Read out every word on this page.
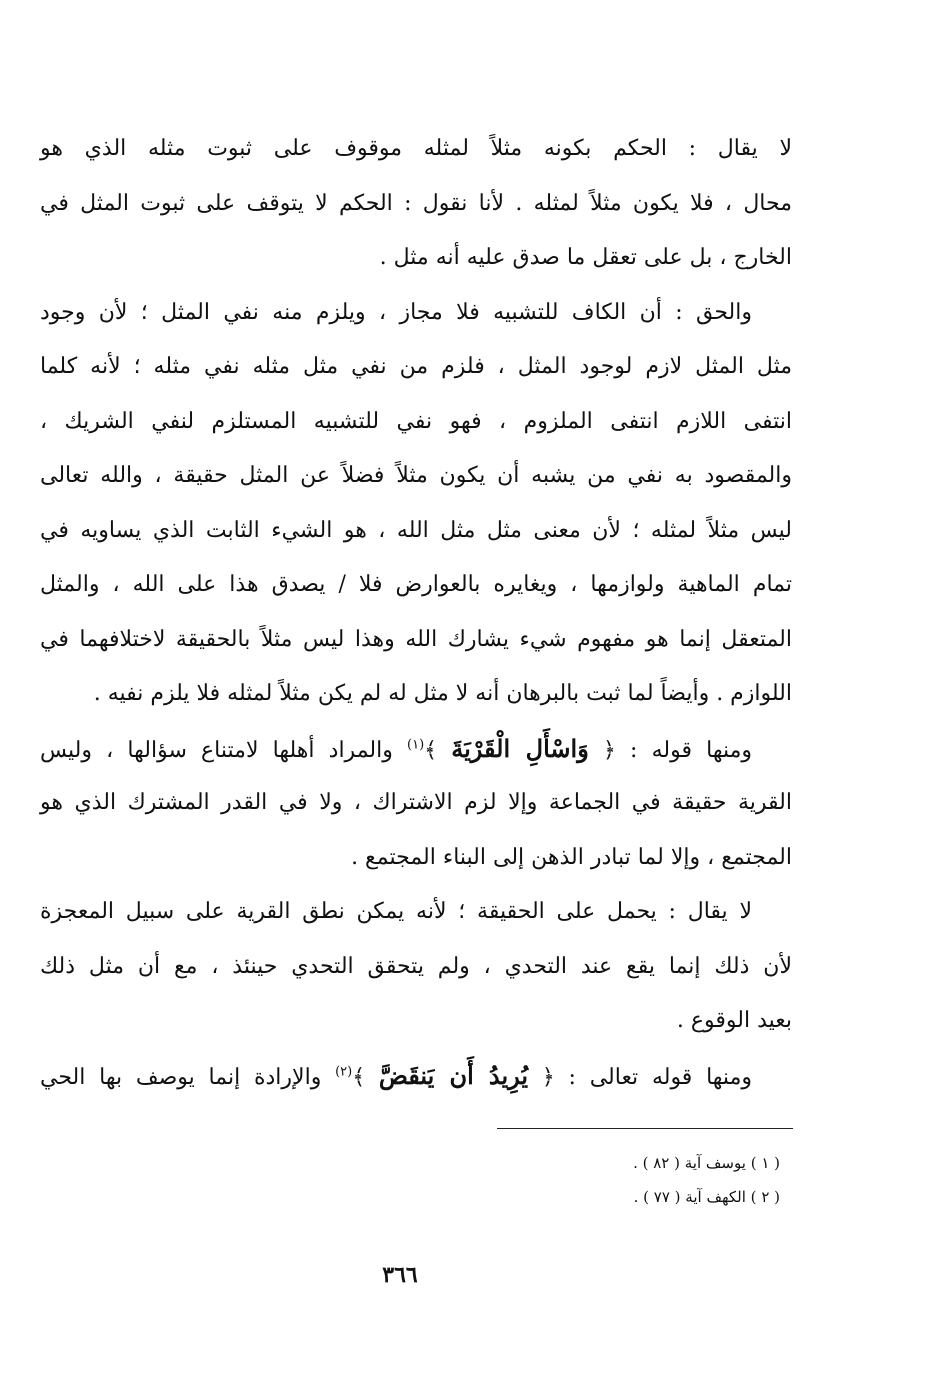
لا يقال : الحكم بكونه مثلاً لمثله موقوف على ثبوت مثله الذي هو
محال ، فلا يكون مثلاً لمثله . لأنا نقول : الحكم لا يتوقف على ثبوت المثل في
الخارج ، بل على تعقل ما صدق عليه أنه مثل .
والحق : أن الكاف للتشبيه فلا مجاز ، ويلزم منه نفي المثل ؛ لأن وجود
مثل المثل لازم لوجود المثل ، فلزم من نفي مثل مثله نفي مثله ؛ لأنه كلما
انتفى اللازم انتفى الملزوم ، فهو نفي للتشبيه المستلزم لنفي الشريك ،
والمقصود به نفي من يشبه أن يكون مثلاً فضلاً عن المثل حقيقة ، والله تعالى
ليس مثلاً لمثله ؛ لأن معنى مثل مثل الله ، هو الشيء الثابت الذي يساويه في
تمام الماهية ولوازمها ، ويغايره بالعوارض فلا / يصدق هذا على الله ، والمثل
المتعقل إنما هو مفهوم شيء يشارك الله وهذا ليس مثلاً بالحقيقة لاختلافهما في
اللوازم . وأيضاً لما ثبت بالبرهان أنه لا مثل له لم يكن مثلاً لمثله فلا يلزم نفيه .
ومنها قوله : ﴿ وَاسْأَلِ الْقَرْيَةَ ﴾$^{(١)}$ والمراد أهلها لامتناع سؤالها ، وليس
القرية حقيقة في الجماعة وإلا لزم الاشتراك ، ولا في القدر المشترك الذي هو
المجتمع ، وإلا لما تبادر الذهن إلى البناء المجتمع .
لا يقال : يحمل على الحقيقة ؛ لأنه يمكن نطق القرية على سبيل المعجزة
لأن ذلك إنما يقع عند التحدي ، ولم يتحقق التحدي حينئذ ، مع أن مثل ذلك
بعيد الوقوع .
ومنها قوله تعالى : ﴿ يُرِيدُ أَن يَنقَضَّ ﴾$^{(٢)}$ والإرادة إنما يوصف بها الحي
( ١ ) يوسف آية ( ٨٢ ) .
( ٢ ) الكهف آية ( ٧٧ ) .
٣٦٦
